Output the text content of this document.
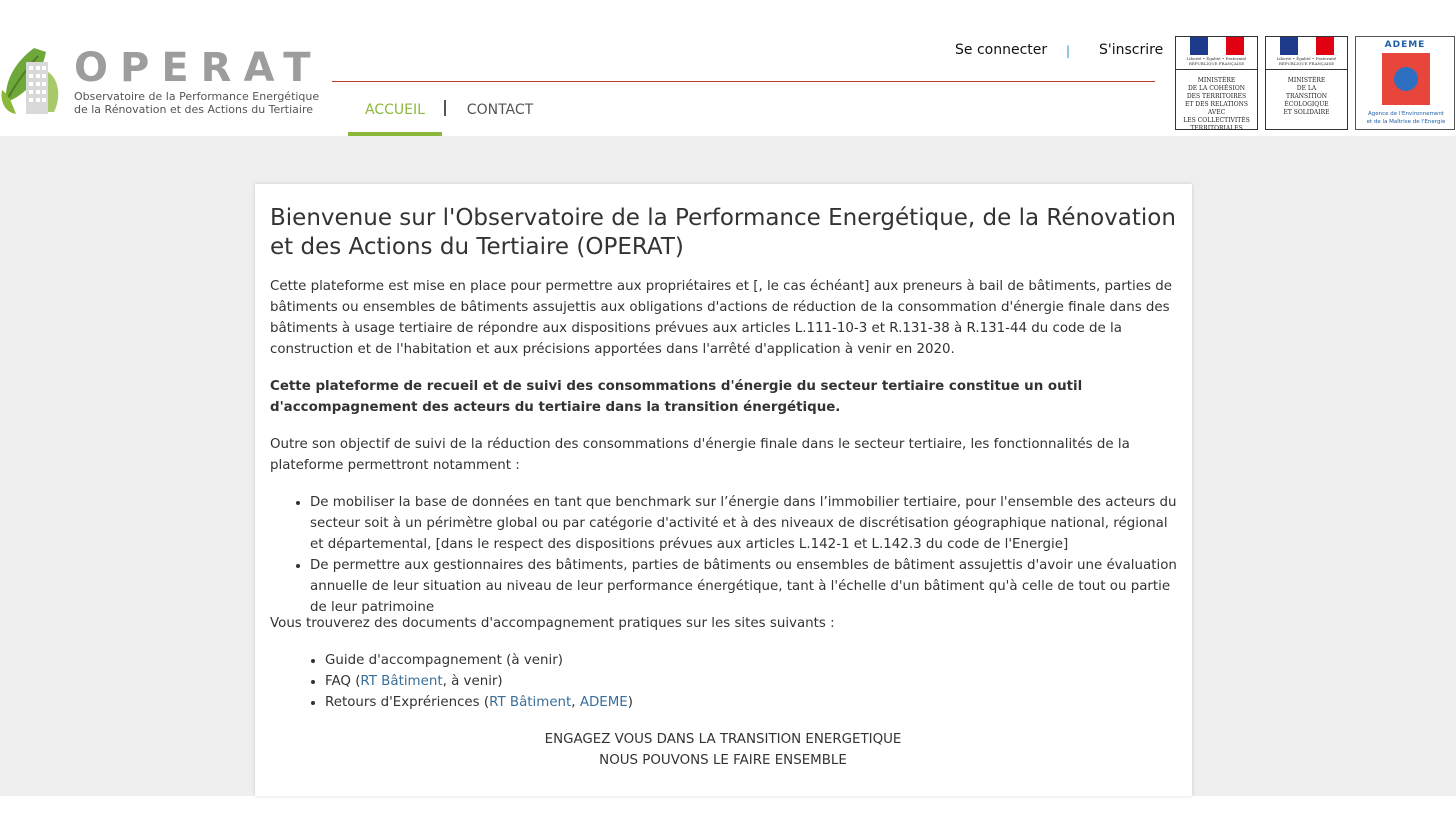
OPERAT
Observatoire de la Performance Energétique
de la Rénovation et des Actions du Tertiaire
Se connecter | S'inscrire
ACCUEIL	CONTACT
Liberté • Égalité • Fraternité RÉPUBLIQUE FRANÇAISE
MINISTÈRE
DE LA COHÉSION
DES TERRITOIRES
ET DES RELATIONS AVEC
LES COLLECTIVITÉS
TERRITORIALES
Liberté • Égalité • Fraternité RÉPUBLIQUE FRANÇAISE
MINISTÈRE
DE LA
TRANSITION
ÉCOLOGIQUE
ET SOLIDAIRE
ADEME
Agence de l'Environnement
et de la Maîtrise de l'Energie
Bienvenue sur l'Observatoire de la Performance Energétique, de la Rénovation et des Actions du Tertiaire (OPERAT)

Cette plateforme est mise en place pour permettre aux propriétaires et [, le cas échéant] aux preneurs à bail de bâtiments, parties de bâtiments ou ensembles de bâtiments assujettis aux obligations d'actions de réduction de la consommation d'énergie finale dans des bâtiments à usage tertiaire de répondre aux dispositions prévues aux articles L.111-10-3 et R.131-38 à R.131-44 du code de la construction et de l'habitation et aux précisions apportées dans l'arrêté d'application à venir en 2020.

Cette plateforme de recueil et de suivi des consommations d'énergie du secteur tertiaire constitue un outil d'accompagnement des acteurs du tertiaire dans la transition énergétique.

Outre son objectif de suivi de la réduction des consommations d'énergie finale dans le secteur tertiaire, les fonctionnalités de la plateforme permettront notamment :

• De mobiliser la base de données en tant que benchmark sur l’énergie dans l’immobilier tertiaire, pour l'ensemble des acteurs du secteur soit à un périmètre global ou par catégorie d'activité et à des niveaux de discrétisation géographique national, régional et départemental, [dans le respect des dispositions prévues aux articles L.142-1 et L.142.3 du code de l'Energie]
• De permettre aux gestionnaires des bâtiments, parties de bâtiments ou ensembles de bâtiment assujettis d'avoir une évaluation annuelle de leur situation au niveau de leur performance énergétique, tant à l'échelle d'un bâtiment qu'à celle de tout ou partie de leur patrimoine

Vous trouverez des documents d'accompagnement pratiques sur les sites suivants :

• Guide d'accompagnement (à venir)
• FAQ (RT Bâtiment, à venir)
• Retours d'Exprériences (RT Bâtiment, ADEME)
ENGAGEZ VOUS DANS LA TRANSITION ENERGETIQUE
NOUS POUVONS LE FAIRE ENSEMBLE
